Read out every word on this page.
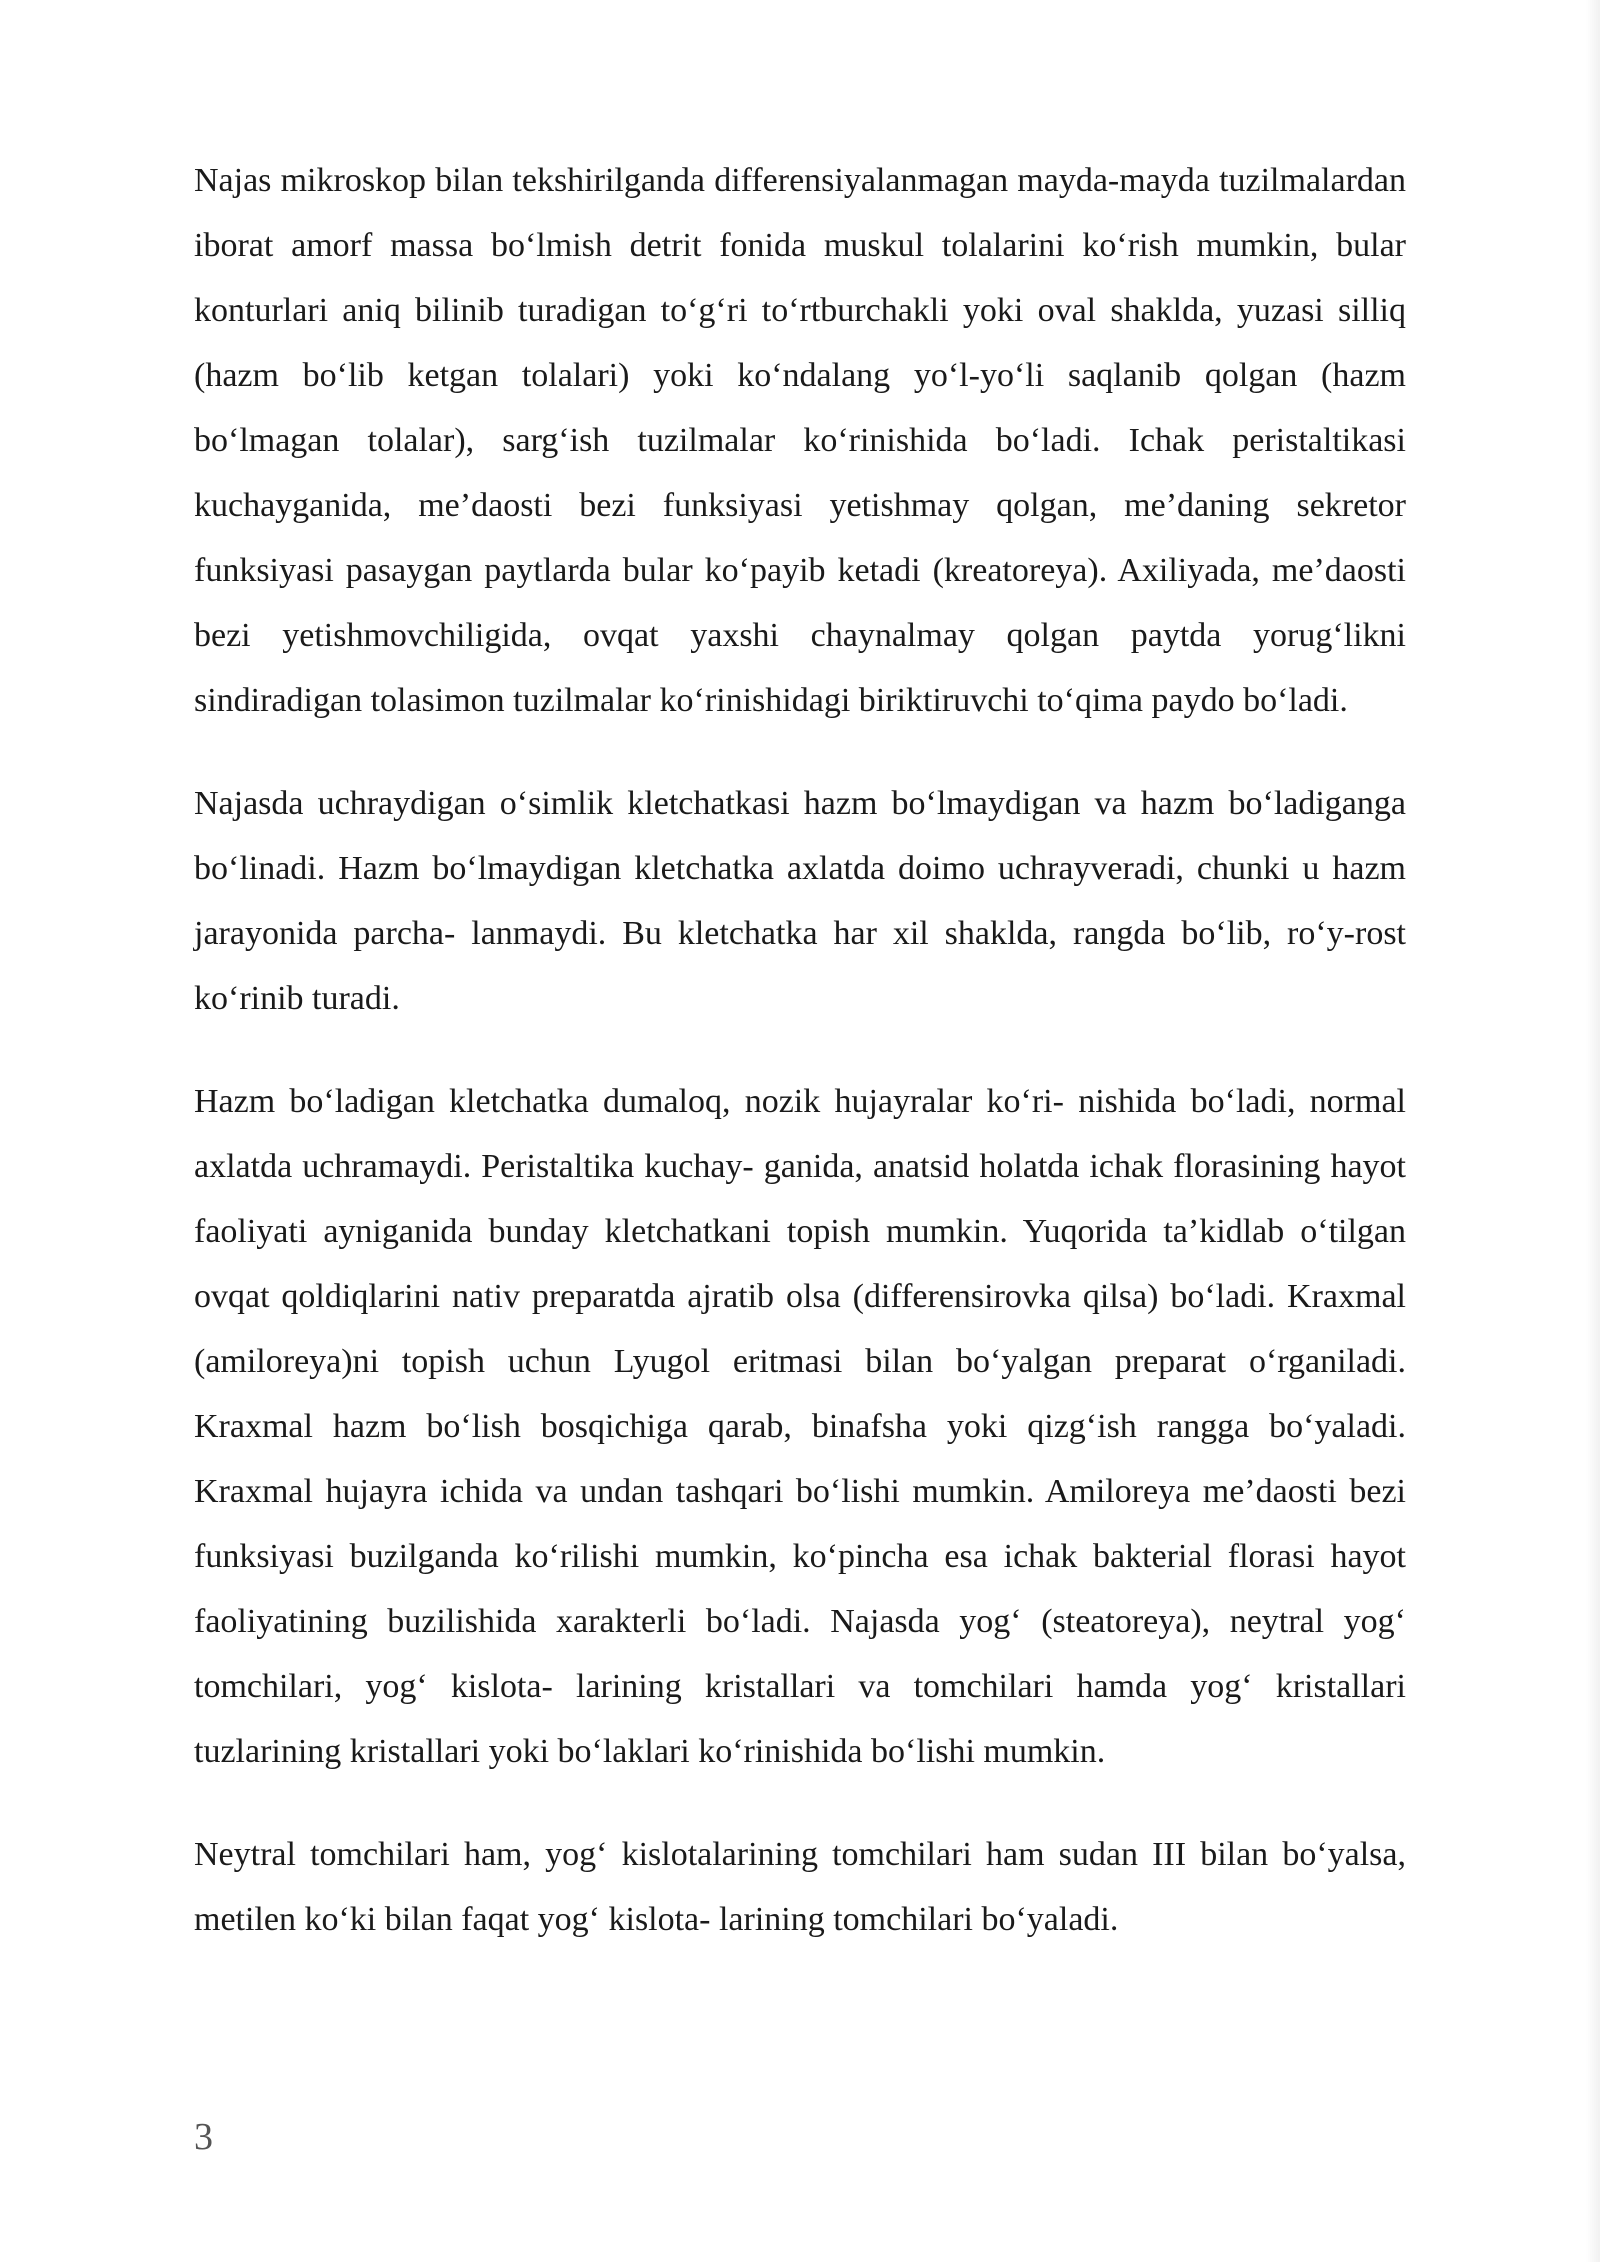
Najas mikroskop bilan tekshirilganda differensiyalanmagan mayda-mayda tuzilmalardan iborat amorf massa bo‘lmish detrit fonida muskul tolalarini ko‘rish mumkin, bular konturlari aniq bilinib turadigan to‘g‘ri to‘rtburchakli yoki oval shaklda, yuzasi silliq (hazm bo‘lib ketgan tolalari) yoki ko‘ndalang yo‘l-yo‘li saqlanib qolgan (hazm bo‘lmagan tolalar), sarg‘ish tuzilmalar ko‘rinishida bo‘ladi. Ichak peristaltikasi kuchayganida, me’daosti bezi funksiyasi yetishmay qolgan, me’daning sekretor funksiyasi pasaygan paytlarda bular ko‘payib ketadi (kreatoreya). Axiliyada, me’daosti bezi yetishmovchiligida, ovqat yaxshi chaynalmay qolgan paytda yorug‘likni sindiradigan tolasimon tuzilmalar ko‘rinishidagi biriktiruvchi to‘qima paydo bo‘ladi.

Najasda uchraydigan o‘simlik kletchatkasi hazm bo‘lmaydigan va hazm bo‘ladiganga bo‘linadi. Hazm bo‘lmaydigan kletchatka axlatda doimo uchrayveradi, chunki u hazm jarayonida parcha- lanmaydi. Bu kletchatka har xil shaklda, rangda bo‘lib, ro‘y-rost ko‘rinib turadi.

Hazm bo‘ladigan kletchatka dumaloq, nozik hujayralar ko‘ri- nishida bo‘ladi, normal axlatda uchramaydi. Peristaltika kuchay- ganida, anatsid holatda ichak florasining hayot faoliyati ayniganida bunday kletchatkani topish mumkin. Yuqorida ta’kidlab o‘tilgan ovqat qoldiqlarini nativ preparatda ajratib olsa (differensirovka qilsa) bo‘ladi. Kraxmal (amiloreya)ni topish uchun Lyugol eritmasi bilan bo‘yalgan preparat o‘rganiladi. Kraxmal hazm bo‘lish bosqichiga qarab, binafsha yoki qizg‘ish rangga bo‘yaladi. Kraxmal hujayra ichida va undan tashqari bo‘lishi mumkin. Amiloreya me’daosti bezi funksiyasi buzilganda ko‘rilishi mumkin, ko‘pincha esa ichak bakterial florasi hayot faoliyatining buzilishida xarakterli bo‘ladi. Najasda yog‘ (steatoreya), neytral yog‘ tomchilari, yog‘ kislota- larining kristallari va tomchilari hamda yog‘ kristallari tuzlarining kristallari yoki bo‘laklari ko‘rinishida bo‘lishi mumkin.

Neytral tomchilari ham, yog‘ kislotalarining tomchilari ham sudan III bilan bo‘yalsa, metilen ko‘ki bilan faqat yog‘ kislota- larining tomchilari bo‘yaladi.

3
